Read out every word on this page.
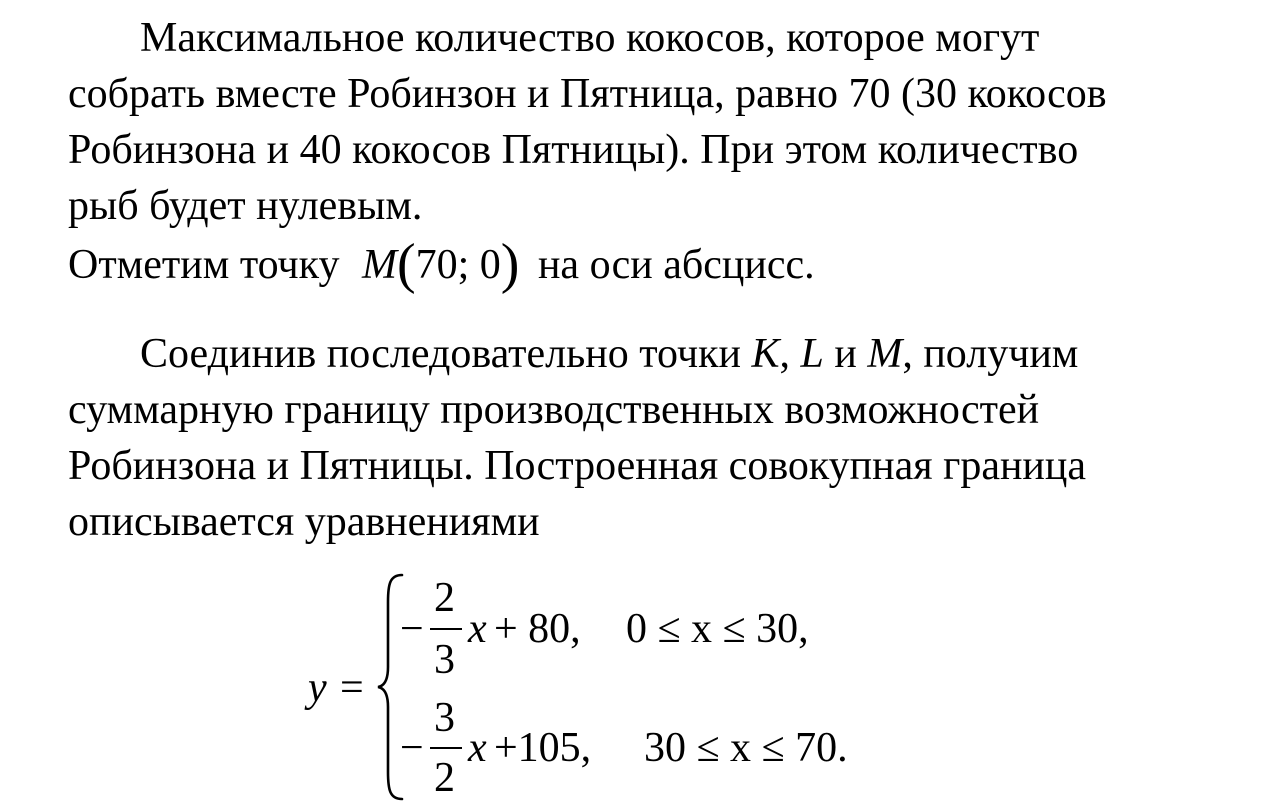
Максимальное количество кокосов, которое могут
собрать вместе Робинзон и Пятница, равно 70 (30 кокосов
Робинзона и 40 кокосов Пятницы). При этом количество
рыб будет нулевым.
Отметим точку M(70; 0) на оси абсцисс.
Соединив последовательно точки K, L и M, получим
суммарную границу производственных возможностей
Робинзона и Пятницы. Построенная совокупная граница
описывается уравнениями
y =
−
2
3
x + 80, 0 ≤ x ≤ 30,
−
3
2
x +105, 30 ≤ x ≤ 70.
